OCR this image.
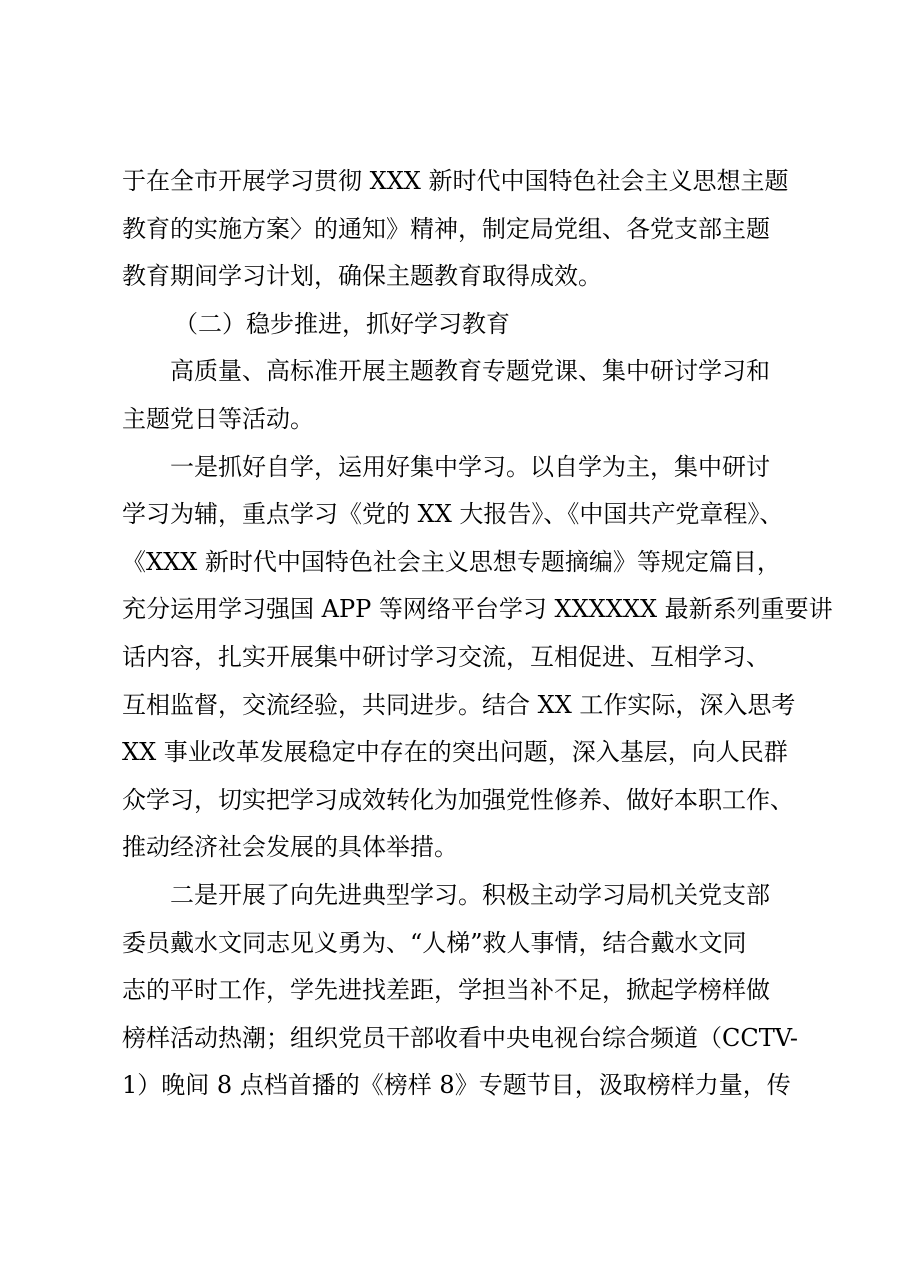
于在全市开展学习贯彻 XXX 新时代中国特色社会主义思想主题
教育的实施方案〉的通知》精神，制定局党组、各党支部主题
教育期间学习计划，确保主题教育取得成效。
（二）稳步推进，抓好学习教育
高质量、高标准开展主题教育专题党课、集中研讨学习和
主题党日等活动。
一是抓好自学，运用好集中学习。以自学为主，集中研讨
学习为辅，重点学习《党的 XX 大报告》、《中国共产党章程》、
《XXX 新时代中国特色社会主义思想专题摘编》等规定篇目，
充分运用学习强国 APP 等网络平台学习 XXXXXX 最新系列重要讲
话内容，扎实开展集中研讨学习交流，互相促进、互相学习、
互相监督，交流经验，共同进步。结合 XX 工作实际，深入思考
XX 事业改革发展稳定中存在的突出问题，深入基层，向人民群
众学习，切实把学习成效转化为加强党性修养、做好本职工作、
推动经济社会发展的具体举措。
二是开展了向先进典型学习。积极主动学习局机关党支部
委员戴水文同志见义勇为、“人梯”救人事情，结合戴水文同
志的平时工作，学先进找差距，学担当补不足，掀起学榜样做
榜样活动热潮；组织党员干部收看中央电视台综合频道（CCTV-
1）晚间 8 点档首播的《榜样 8》专题节目，汲取榜样力量，传
